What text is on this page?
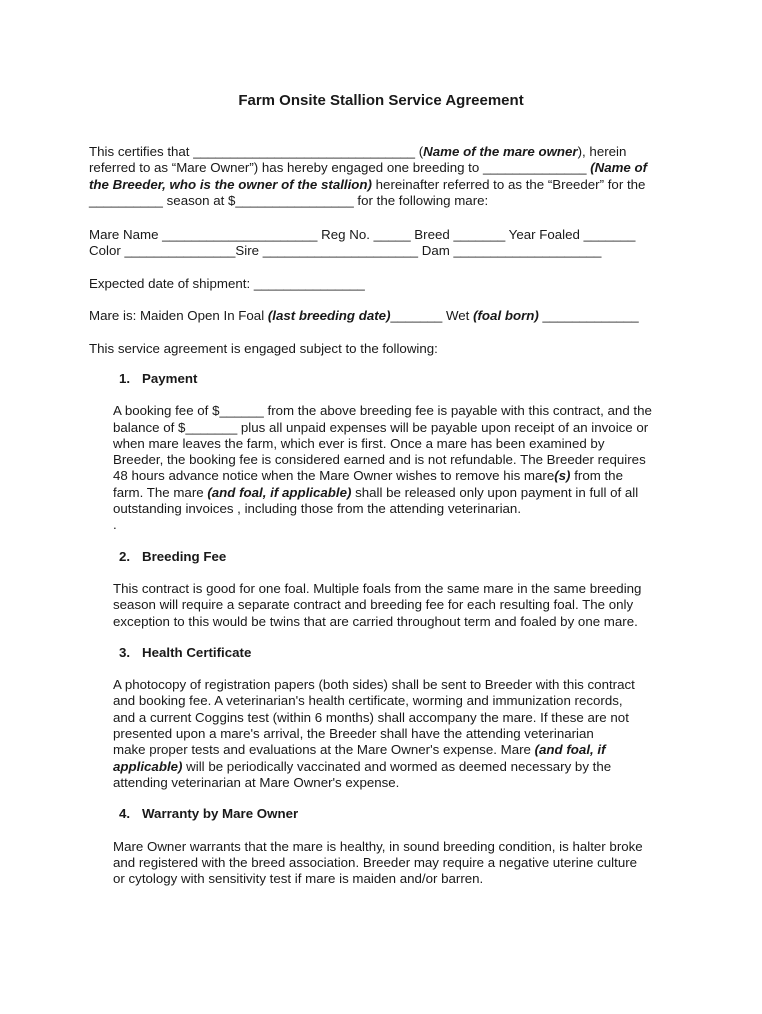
Farm Onsite Stallion Service Agreement
This certifies that ______________________________ (Name of the mare owner), herein
referred to as “Mare Owner”) has hereby engaged one breeding to ______________ (Name of
the Breeder, who is the owner of the stallion) hereinafter referred to as the “Breeder” for the
__________ season at $________________ for the following mare:
Mare Name _____________________ Reg No. _____ Breed _______ Year Foaled _______
Color _______________Sire _____________________ Dam ____________________
Expected date of shipment: _______________
Mare is: Maiden Open In Foal (last breeding date)_______ Wet (foal born) _____________
This service agreement is engaged subject to the following:
1. Payment
A booking fee of $______ from the above breeding fee is payable with this contract, and the
balance of $_______ plus all unpaid expenses will be payable upon receipt of an invoice or
when mare leaves the farm, which ever is first. Once a mare has been examined by
Breeder, the booking fee is considered earned and is not refundable. The Breeder requires
48 hours advance notice when the Mare Owner wishes to remove his mare(s) from the
farm. The mare (and foal, if applicable) shall be released only upon payment in full of all
outstanding invoices , including those from the attending veterinarian.
.
2. Breeding Fee
This contract is good for one foal. Multiple foals from the same mare in the same breeding
season will require a separate contract and breeding fee for each resulting foal. The only
exception to this would be twins that are carried throughout term and foaled by one mare.
3. Health Certificate
A photocopy of registration papers (both sides) shall be sent to Breeder with this contract
and booking fee. A veterinarian's health certificate, worming and immunization records,
and a current Coggins test (within 6 months) shall accompany the mare. If these are not
presented upon a mare's arrival, the Breeder shall have the attending veterinarian
make proper tests and evaluations at the Mare Owner's expense. Mare (and foal, if
applicable) will be periodically vaccinated and wormed as deemed necessary by the
attending veterinarian at Mare Owner's expense.
4. Warranty by Mare Owner
Mare Owner warrants that the mare is healthy, in sound breeding condition, is halter broke
and registered with the breed association. Breeder may require a negative uterine culture
or cytology with sensitivity test if mare is maiden and/or barren.
